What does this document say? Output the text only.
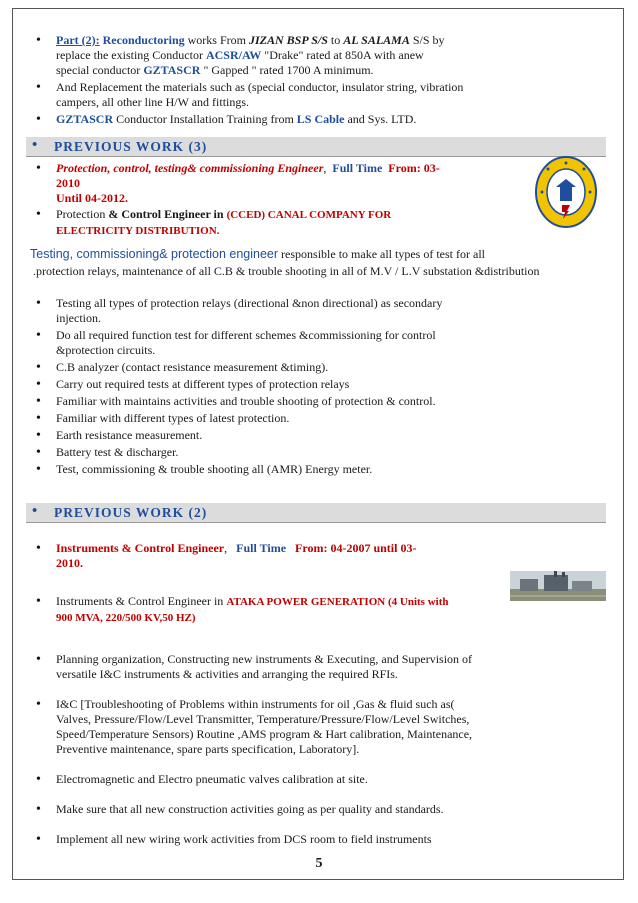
• Part (2): Reconductoring works From JIZAN BSP S/S to AL SALAMA S/S by
replace the existing Conductor ACSR/AW "Drake" rated at 850A with anew
special conductor GZTASCR " Gapped " rated 1700 A minimum.
• And Replacement the materials such as (special conductor, insulator string, vibration campers, all other line H/W and fittings.
• GZTASCR Conductor Installation Training from LS Cable and Sys. LTD.
• PREVIOUS WORK (3)
• Protection, control, testing& commissioning Engineer, Full Time From: 03-
2010
Until 04-2012.
• Protection & Control Engineer in (CCED) CANAL COMPANY FOR
ELECTRICITY DISTRIBUTION.
Testing, commissioning& protection engineer responsible to make all types of test for all
.protection relays, maintenance of all C.B & trouble shooting in all of M.V / L.V substation &distribution
• Testing all types of protection relays (directional &non directional) as secondary injection.
• Do all required function test for different schemes &commissioning for control &protection circuits.
• C.B analyzer (contact resistance measurement &timing).
• Carry out required tests at different types of protection relays
• Familiar with maintains activities and trouble shooting of protection & control.
• Familiar with different types of latest protection.
• Earth resistance measurement.
• Battery test & discharger.
• Test, commissioning & trouble shooting all (AMR) Energy meter.
• PREVIOUS WORK (2)
• Instruments & Control Engineer, Full Time From: 04-2007 until 03-
2010.
• Instruments & Control Engineer in ATAKA POWER GENERATION (4 Units with
900 MVA, 220/500 KV,50 HZ)
• Planning organization, Constructing new instruments & Executing, and Supervision of versatile I&C instruments & activities and arranging the required RFIs.
• I&C [Troubleshooting of Problems within instruments for oil ,Gas & fluid such as( Valves, Pressure/Flow/Level Transmitter, Temperature/Pressure/Flow/Level Switches, Speed/Temperature Sensors) Routine ,AMS program & Hart calibration, Maintenance, Preventive maintenance, spare parts specification, Laboratory].
• Electromagnetic and Electro pneumatic valves calibration at site.
• Make sure that all new construction activities going as per quality and standards.
• Implement all new wiring work activities from DCS room to field instruments
5
